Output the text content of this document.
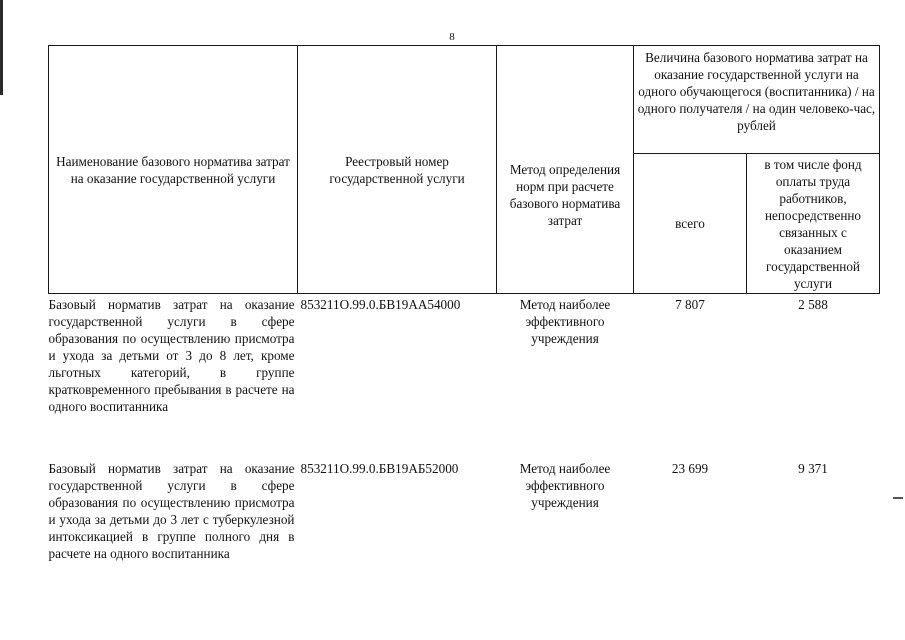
8
Наименование базового норматива затрат на оказание государственной услуги	Реестровый номер государственной услуги	Метод определения норм при расчете базового норматива затрат	Величина базового норматива затрат на оказание государственной услуги на одного обучающегося (воспитанника) / на одного получателя / на один человеко-час, рублей	
			всего	в том числе фонд оплаты труда работников, непосредственно связанных с оказанием государственной услуги
Базовый норматив затрат на оказание государственной услуги в сфере образования по осуществлению присмотра и ухода за детьми от 3 до 8 лет, кроме льготных категорий, в группе кратковременного пребывания в расчете на одного воспитанника	853211О.99.0.БВ19АА54000	Метод наиболее эффективного учреждения	7 807	2 588
Базовый норматив затрат на оказание государственной услуги в сфере образования по осуществлению присмотра и ухода за детьми до 3 лет с туберкулезной интоксикацией в группе полного дня в расчете на одного воспитанника	853211О.99.0.БВ19АБ52000	Метод наиболее эффективного учреждения	23 699	9 371
